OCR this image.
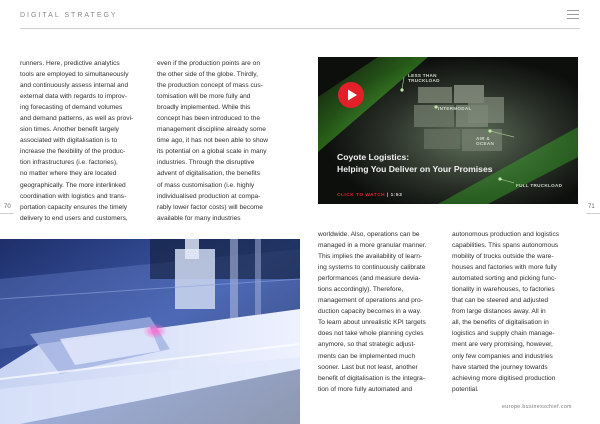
DIGITAL STRATEGY

runners. Here, predictive analytics

tools are employed to simultaneously

and continuously assess internal and

external data with regards to improv-

ing forecasting of demand volumes

and demand patterns, as well as provi-

sion times. Another benefit largely

associated with digitalisation is to

increase the flexibility of the produc-

tion infrastructures (i.e. factories),

no matter where they are located

geographically. The more interlinked

coordination with logistics and trans-

portation capacity ensures the timely

delivery to end users and customers,

even if the production points are on

the other side of the globe. Thirdly,

the production concept of mass cus-

tomisation will be more fully and

broadly implemented. While this

concept has been introduced to the

management discipline already some

time ago, it has not been able to show

its potential on a global scale in many

industries. Through the disruptive

advent of digitalisation, the benefits

of mass customisation (i.e. highly

individualised production at compa-

rably lower factor costs) will become

available for many industries

70	71
LESS THAN
TRUCKLOAD
INTERMODAL
AIR &
OCEAN
FULL TRUCKLOAD
Coyote Logistics:
Helping You Deliver on Your Promises
CLICK TO WATCH | 1:53

worldwide. Also, operations can be

managed in a more granular manner.

This implies the availability of learn-

ing systems to continuously calibrate

performances (and measure devia-

tions accordingly). Therefore,

management of operations and pro-

duction capacity becomes in a way.

To learn about unrealistic KPI targets

does not take whole planning cycles

anymore, so that strategic adjust-

ments can be implemented much

sooner. Last but not least, another

benefit of digitalisation is the integra-

tion of more fully automated and

autonomous production and logistics

capabilities. This spans autonomous

mobility of trucks outside the ware-

houses and factories with more fully

automated sorting and picking func-

tionality in warehouses, to factories

that can be steered and adjusted

from large distances away. All in

all, the benefits of digitalisation in

logistics and supply chain manage-

ment are very promising, however,

only few companies and industries

have started the journey towards

achieving more digitised production

potential.

europe.businesschief.com
